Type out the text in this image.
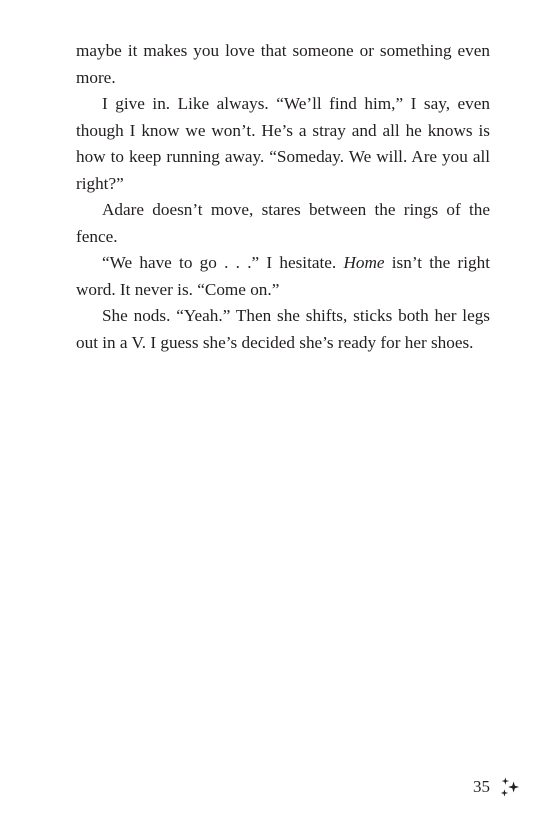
maybe it makes you love that someone or something even more.

I give in. Like always. “We’ll find him,” I say, even though I know we won’t. He’s a stray and all he knows is how to keep running away. “Someday. We will. Are you all right?”

Adare doesn’t move, stares between the rings of the fence.

“We have to go . . .” I hesitate. Home isn’t the right word. It never is. “Come on.”

She nods. “Yeah.” Then she shifts, sticks both her legs out in a V. I guess she’s decided she’s ready for her shoes.

35
